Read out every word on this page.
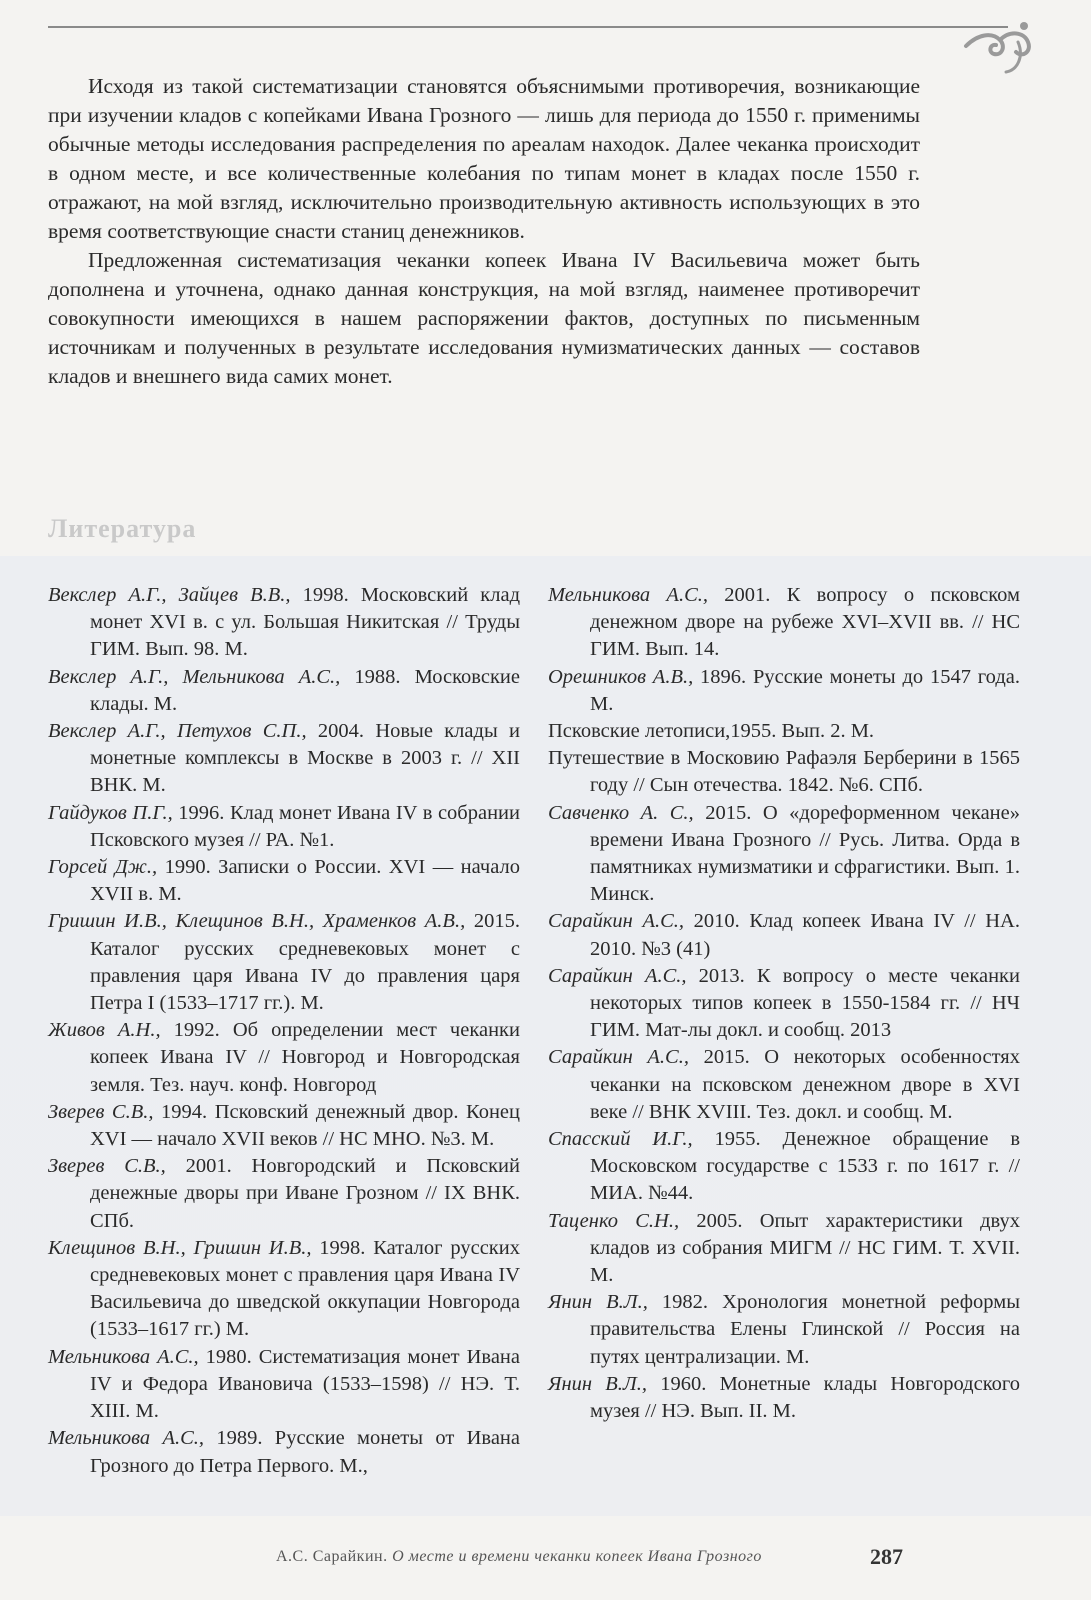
Исходя из такой систематизации становятся объяснимыми противоречия, возникающие при изучении кладов с копейками Ивана Грозного — лишь для периода до 1550 г. применимы обычные методы исследования распределения по ареалам находок. Далее чеканка происходит в одном месте, и все количественные колебания по типам монет в кладах после 1550 г. отражают, на мой взгляд, исключительно производительную активность использующих в это время соответствующие снасти станиц денежников.

Предложенная систематизация чеканки копеек Ивана IV Васильевича может быть дополнена и уточнена, однако данная конструкция, на мой взгляд, наименее противоречит совокупности имеющихся в нашем распоряжении фактов, доступных по письменным источникам и полученных в результате исследования нумизматических данных — составов кладов и внешнего вида самих монет.

Литература

Векслер А.Г., Зайцев В.В., 1998. Московский клад монет XVI в. с ул. Большая Никитская // Труды ГИМ. Вып. 98. М.

Векслер А.Г., Мельникова А.С., 1988. Московские клады. М.

Векслер А.Г., Петухов С.П., 2004. Новые клады и монетные комплексы в Москве в 2003 г. // XII ВНК. М.

Гайдуков П.Г., 1996. Клад монет Ивана IV в собрании Псковского музея // РА. №1.

Горсей Дж., 1990. Записки о России. XVI — начало XVII в. М.

Гришин И.В., Клещинов В.Н., Храменков А.В., 2015. Каталог русских средневековых монет с правления царя Ивана IV до правления царя Петра I (1533–1717 гг.). М.

Живов А.Н., 1992. Об определении мест чеканки копеек Ивана IV // Новгород и Новгородская земля. Тез. науч. конф. Новгород

Зверев С.В., 1994. Псковский денежный двор. Конец XVI — начало XVII веков // НС МНО. №3. М.

Зверев С.В., 2001. Новгородский и Псковский денежные дворы при Иване Грозном // IX ВНК. СПб.

Клещинов В.Н., Гришин И.В., 1998. Каталог русских средневековых монет с правления царя Ивана IV Васильевича до шведской оккупации Новгорода (1533–1617 гг.) М.

Мельникова А.С., 1980. Систематизация монет Ивана IV и Федора Ивановича (1533–1598) // НЭ. Т. XIII. М.

Мельникова А.С., 1989. Русские монеты от Ивана Грозного до Петра Первого. М.,

Мельникова А.С., 2001. К вопросу о псковском денежном дворе на рубеже XVI–XVII вв. // НС ГИМ. Вып. 14.

Орешников А.В., 1896. Русские монеты до 1547 года. М.

Псковские летописи,1955. Вып. 2. М.

Путешествие в Московию Рафаэля Берберини в 1565 году // Сын отечества. 1842. №6. СПб.

Савченко А. С., 2015. О «дореформенном чекане» времени Ивана Грозного // Русь. Литва. Орда в памятниках нумизматики и сфрагистики. Вып. 1. Минск.

Сарайкин А.С., 2010. Клад копеек Ивана IV // НА. 2010. №3 (41)

Сарайкин А.С., 2013. К вопросу о месте чеканки некоторых типов копеек в 1550-1584 гг. // НЧ ГИМ. Мат-лы докл. и сообщ. 2013

Сарайкин А.С., 2015. О некоторых особенностях чеканки на псковском денежном дворе в XVI веке // ВНК XVIII. Тез. докл. и сообщ. М.

Спасский И.Г., 1955. Денежное обращение в Московском государстве с 1533 г. по 1617 г. // МИА. №44.

Таценко С.Н., 2005. Опыт характеристики двух кладов из собрания МИГМ // НС ГИМ. Т. XVII. М.

Янин В.Л., 1982. Хронология монетной реформы правительства Елены Глинской // Россия на путях централизации. М.

Янин В.Л., 1960. Монетные клады Новгородского музея // НЭ. Вып. II. М.

А.С. Сарайкин. О месте и времени чеканки копеек Ивана Грозного	287
